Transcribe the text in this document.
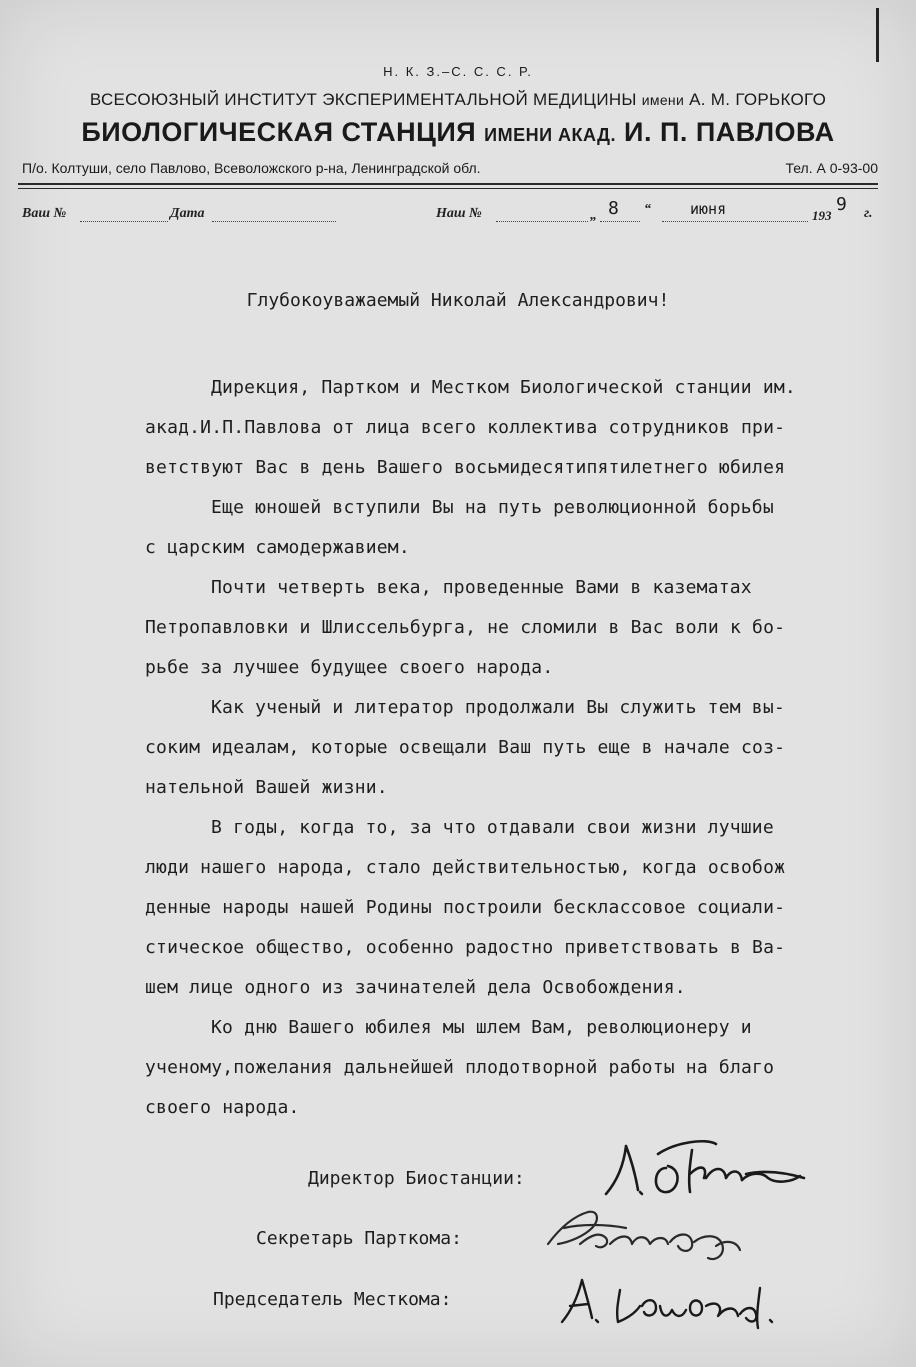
Н. К. З.–С. С. С. Р.
ВСЕСОЮЗНЫЙ ИНСТИТУТ ЭКСПЕРИМЕНТАЛЬНОЙ МЕДИЦИНЫ имени А. М. ГОРЬКОГО
БИОЛОГИЧЕСКАЯ СТАНЦИЯ ИМЕНИ АКАД. И. П. ПАВЛОВА
П/о. Колтуши, село Павлово, Всеволожского р-на, Ленинградской обл.	Тел. А 0-93-00
Ваш №	Дата	Наш №	„ 8 “	июня	193
9 г.
Глубокоуважаемый Николай Александрович!
Дирекция, Партком и Местком Биологической станции им.
акад.И.П.Павлова от лица всего коллектива сотрудников при-
ветствуют Вас в день Вашего восьмидесятипятилетнего юбилея
Еще юношей вступили Вы на путь революционной борьбы
с царским самодержавием.
Почти четверть века, проведенные Вами в казематах
Петропавловки и Шлиссельбурга, не сломили в Вас воли к бо-
рьбе за лучшее будущее своего народа.
Как ученый и литератор продолжали Вы служить тем вы-
соким идеалам, которые освещали Ваш путь еще в начале соз-
нательной Вашей жизни.
В годы, когда то, за что отдавали свои жизни лучшие
люди нашего народа, стало действительностью, когда освобож
денные народы нашей Родины построили бесклассовое социали-
стическое общество, особенно радостно приветствовать в Ва-
шем лице одного из зачинателей дела Освобождения.
Ко дню Вашего юбилея мы шлем Вам, революционеру и
ученому,пожелания дальнейшей плодотворной работы на благо
своего народа.
Директор Биостанции:
Секретарь Парткома:
Председатель Месткома:
